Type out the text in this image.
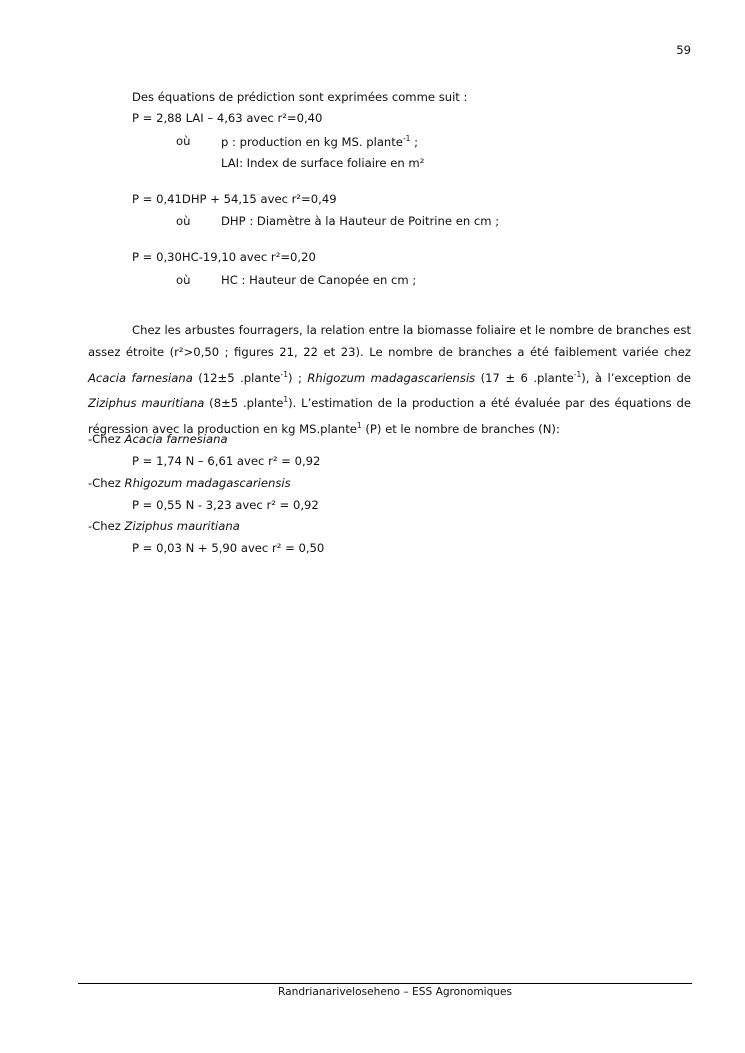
59
Des équations de prédiction sont exprimées comme suit :
P = 2,88 LAI – 4,63 avec r²=0,40
où	p : production en kg MS. plante$^{-1}$ ;
LAI: Index de surface foliaire en m²
P = 0,41DHP + 54,15 avec r²=0,49
où	DHP : Diamètre à la Hauteur de Poitrine en cm ;
P = 0,30HC-19,10 avec r²=0,20
où	HC : Hauteur de Canopée en cm ;

Chez les arbustes fourragers, la relation entre la biomasse foliaire et le nombre de branches est assez étroite (r²>0,50 ; figures 21, 22 et 23). Le nombre de branches a été faiblement variée chez Acacia farnesiana (12±5 .plante$^{-1}$) ; Rhigozum madagascariensis (17 ± 6 .plante$^{-1}$), à l’exception de Ziziphus mauritiana (8±5 .plante$^1$). L’estimation de la production a été évaluée par des équations de régression avec la production en kg MS.plante$^1$ (P) et le nombre de branches (N):

-Chez Acacia farnesiana
P = 1,74 N – 6,61 avec r² = 0,92
-Chez Rhigozum madagascariensis
P = 0,55 N - 3,23 avec r² = 0,92
-Chez Ziziphus mauritiana
P = 0,03 N + 5,90 avec r² = 0,50
Randrianariveloseheno – ESS Agronomiques
